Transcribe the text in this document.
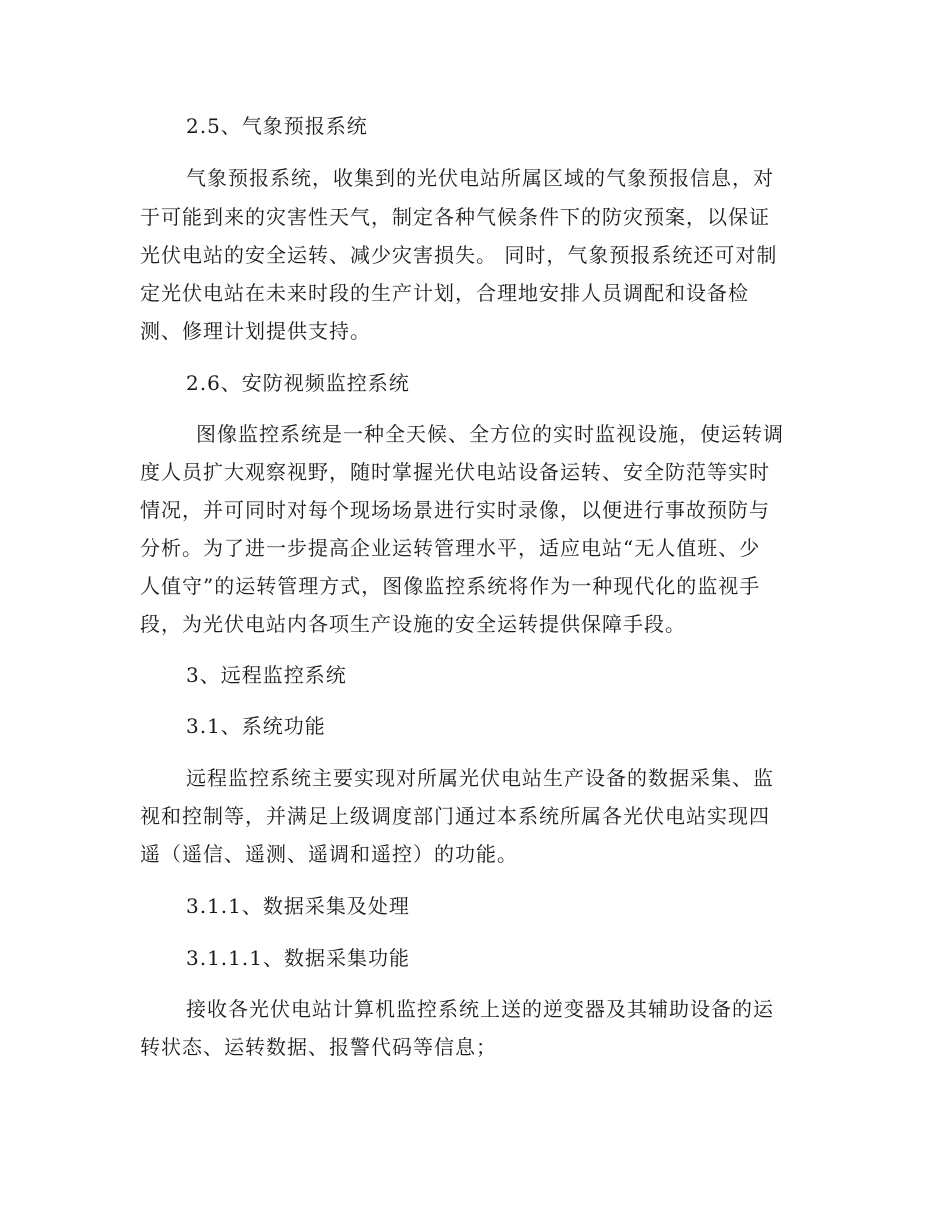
2.5、气象预报系统
气象预报系统，收集到的光伏电站所属区域的气象预报信息，对
于可能到来的灾害性天气，制定各种气候条件下的防灾预案，以保证
光伏电站的安全运转、减少灾害损失。 同时，气象预报系统还可对制
定光伏电站在未来时段的生产计划，合理地安排人员调配和设备检
测、修理计划提供支持。
2.6、安防视频监控系统
图像监控系统是一种全天候、全方位的实时监视设施，使运转调
度人员扩大观察视野，随时掌握光伏电站设备运转、安全防范等实时
情况，并可同时对每个现场场景进行实时录像，以便进行事故预防与
分析。为了进一步提高企业运转管理水平，适应电站“无人值班、少
人值守”的运转管理方式，图像监控系统将作为一种现代化的监视手
段，为光伏电站内各项生产设施的安全运转提供保障手段。
3、远程监控系统
3.1、系统功能
远程监控系统主要实现对所属光伏电站生产设备的数据采集、监
视和控制等，并满足上级调度部门通过本系统所属各光伏电站实现四
遥（遥信、遥测、遥调和遥控）的功能。
3.1.1、数据采集及处理
3.1.1.1、数据采集功能
接收各光伏电站计算机监控系统上送的逆变器及其辅助设备的运
转状态、运转数据、报警代码等信息；
